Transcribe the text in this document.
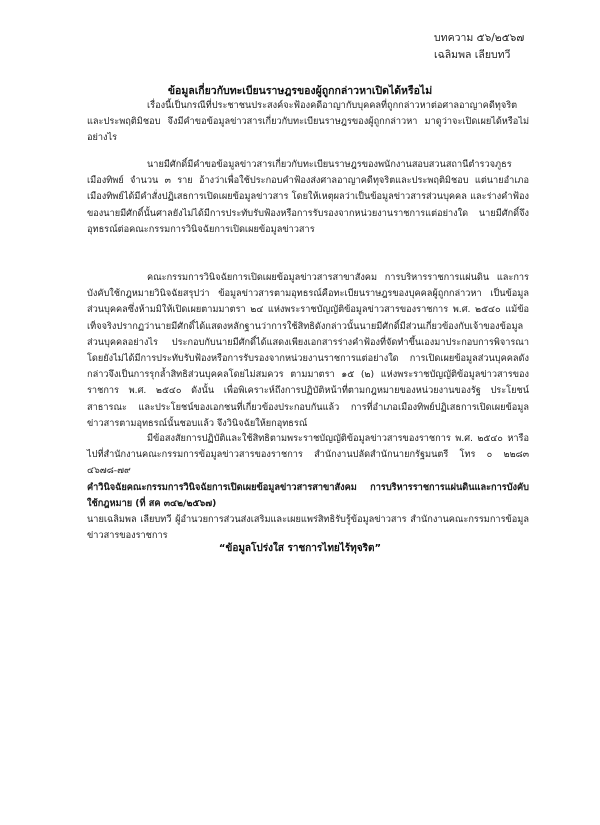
บทความ ๕๖/๒๕๖๗
เฉลิมพล เลียบทวี
ข้อมูลเกี่ยวกับทะเบียนราษฎรของผู้ถูกกล่าวหาเปิดได้หรือไม่
เรื่องนี้เป็นกรณีที่ประชาชนประสงค์จะฟ้องคดีอาญากับบุคคลที่ถูกกล่าวหาต่อศาลอาญาคดีทุจริตและประพฤติมิชอบ จึงมีคำขอข้อมูลข่าวสารเกี่ยวกับทะเบียนราษฎรของผู้ถูกกล่าวหา มาดูว่าจะเปิดเผยได้หรือไม่ อย่างไร
นายมีศักดิ์มีคำขอข้อมูลข่าวสารเกี่ยวกับทะเบียนราษฎรของพนักงานสอบสวนสถานีตำรวจภูธรเมืองทิพย์ จำนวน ๓ ราย อ้างว่าเพื่อใช้ประกอบคำฟ้องส่งศาลอาญาคดีทุจริตและประพฤติมิชอบ แต่นายอำเภอเมืองทิพย์ได้มีคำสั่งปฏิเสธการเปิดเผยข้อมูลข่าวสาร โดยให้เหตุผลว่าเป็นข้อมูลข่าวสารส่วนบุคคล และร่างคำฟ้องของนายมีศักดิ์นั้นศาลยังไม่ได้มีการประทับรับฟ้องหรือการรับรองจากหน่วยงานราชการแต่อย่างใด นายมีศักดิ์จึงอุทธรณ์ต่อคณะกรรมการวินิจฉัยการเปิดเผยข้อมูลข่าวสาร
คณะกรรมการวินิจฉัยการเปิดเผยข้อมูลข่าวสารสาขาสังคม การบริหารราชการแผ่นดิน และการบังคับใช้กฎหมายวินิจฉัยสรุปว่า ข้อมูลข่าวสารตามอุทธรณ์คือทะเบียนราษฎรของบุคคลผู้ถูกกล่าวหา เป็นข้อมูลส่วนบุคคลซึ่งห้ามมิให้เปิดเผยตามมาตรา ๒๔ แห่งพระราชบัญญัติข้อมูลข่าวสารของราชการ พ.ศ. ๒๕๔๐ แม้ข้อเท็จจริงปรากฏว่านายมีศักดิ์ได้แสดงหลักฐานว่าการใช้สิทธิดังกล่าวนั้นนายมีศักดิ์มีส่วนเกี่ยวข้องกับเจ้าของข้อมูลส่วนบุคคลอย่างไร ประกอบกับนายมีศักดิ์ได้แสดงเพียงเอกสารร่างคำฟ้องที่จัดทำขึ้นเองมาประกอบการพิจารณา โดยยังไม่ได้มีการประทับรับฟ้องหรือการรับรองจากหน่วยงานราชการแต่อย่างใด การเปิดเผยข้อมูลส่วนบุคคลดังกล่าวจึงเป็นการรุกล้ำสิทธิส่วนบุคคลโดยไม่สมควร ตามมาตรา ๑๕ (๒) แห่งพระราชบัญญัติข้อมูลข่าวสารของราชการ พ.ศ. ๒๕๔๐ ดังนั้น เพื่อพิเคราะห์ถึงการปฏิบัติหน้าที่ตามกฎหมายของหน่วยงานของรัฐ ประโยชน์สาธารณะ และประโยชน์ของเอกชนที่เกี่ยวข้องประกอบกันแล้ว การที่อำเภอเมืองทิพย์ปฏิเสธการเปิดเผยข้อมูลข่าวสารตามอุทธรณ์นั้นชอบแล้ว จึงวินิจฉัยให้ยกอุทธรณ์
มีข้อสงสัยการปฏิบัติและใช้สิทธิตามพระราชบัญญัติข้อมูลข่าวสารของราชการ พ.ศ. ๒๕๔๐ หารือไปที่สำนักงานคณะกรรมการข้อมูลข่าวสารของราชการ สำนักงานปลัดสำนักนายกรัฐมนตรี โทร ๐ ๒๒๘๓ ๔๖๗๘-๗๙
คำวินิจฉัยคณะกรรมการวินิจฉัยการเปิดเผยข้อมูลข่าวสารสาขาสังคม การบริหารราชการแผ่นดินและการบังคับใช้กฎหมาย (ที่ สค ๓๔๒/๒๕๖๗)
นายเฉลิมพล เลียบทวี ผู้อำนวยการส่วนส่งเสริมและเผยแพร่สิทธิรับรู้ข้อมูลข่าวสาร สำนักงานคณะกรรมการข้อมูลข่าวสารของราชการ
“ข้อมูลโปร่งใส ราชการไทยไร้ทุจริต”
